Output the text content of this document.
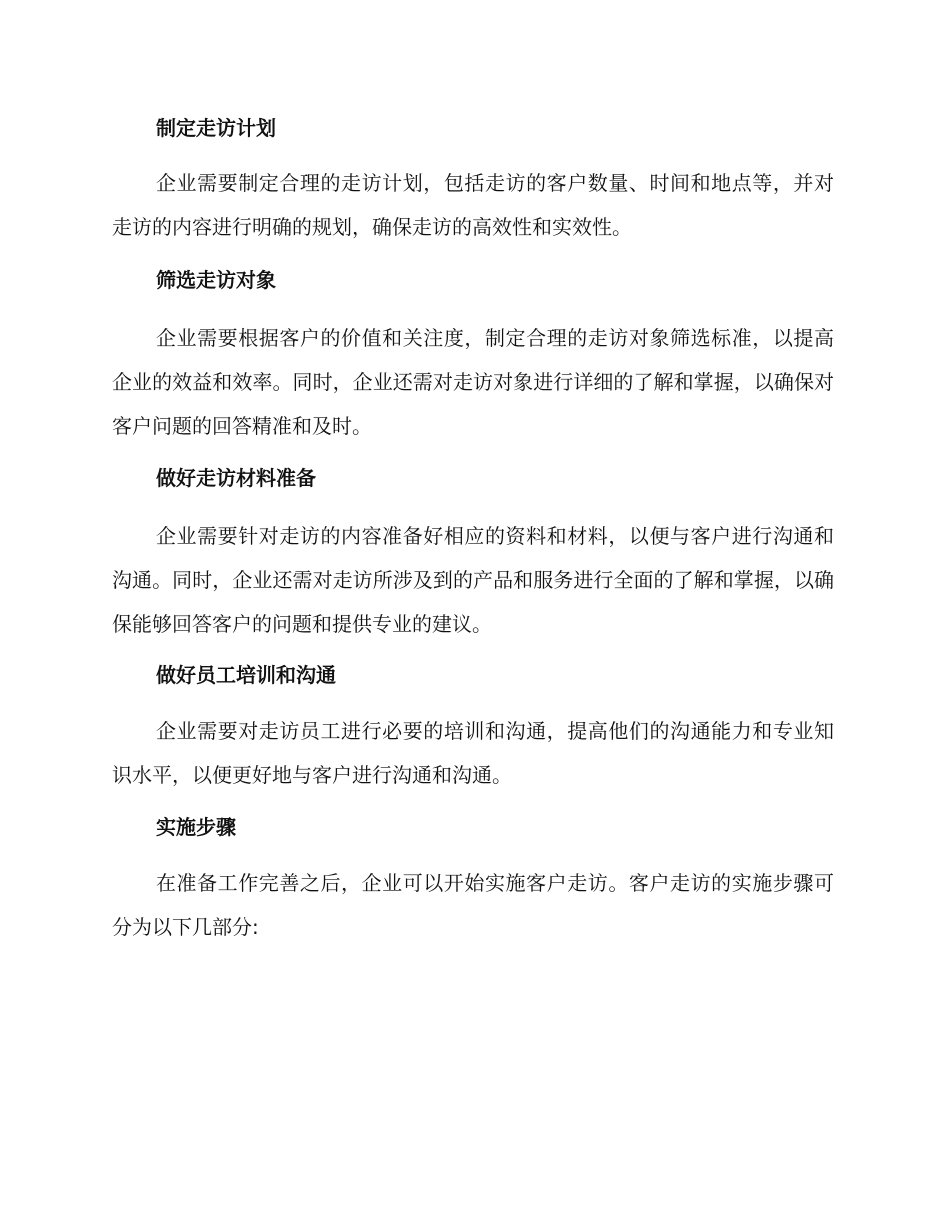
制定走访计划

企业需要制定合理的走访计划，包括走访的客户数量、时间和地点等，并对走访的内容进行明确的规划，确保走访的高效性和实效性。

筛选走访对象

企业需要根据客户的价值和关注度，制定合理的走访对象筛选标准，以提高企业的效益和效率。同时，企业还需对走访对象进行详细的了解和掌握，以确保对客户问题的回答精准和及时。

做好走访材料准备

企业需要针对走访的内容准备好相应的资料和材料，以便与客户进行沟通和沟通。同时，企业还需对走访所涉及到的产品和服务进行全面的了解和掌握，以确保能够回答客户的问题和提供专业的建议。

做好员工培训和沟通

企业需要对走访员工进行必要的培训和沟通，提高他们的沟通能力和专业知识水平，以便更好地与客户进行沟通和沟通。

实施步骤

在准备工作完善之后，企业可以开始实施客户走访。客户走访的实施步骤可分为以下几部分:
